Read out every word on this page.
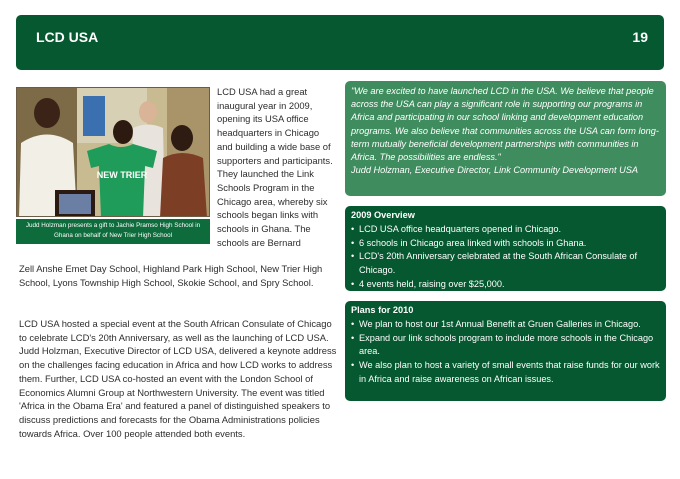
LCD USA	19
NEW TRIER
Judd Holzman presents a gift to Jachie Pramso High School in Ghana on behalf of New Trier High School

LCD USA had a great inaugural year in 2009, opening its USA office headquarters in Chicago and building a wide base of supporters and participants. They launched the Link Schools Program in the Chicago area, whereby six schools began links with schools in Ghana. The schools are Bernard

Zell Anshe Emet Day School, Highland Park High School, New Trier High School, Lyons Township High School, Skokie School, and Spry School.

LCD USA hosted a special event at the South African Consulate of Chicago to celebrate LCD's 20th Anniversary, as well as the launching of LCD USA. Judd Holzman, Executive Director of LCD USA, delivered a keynote address on the challenges facing education in Africa and how LCD works to address them. Further, LCD USA co-hosted an event with the London School of Economics Alumni Group at Northwestern University. The event was titled 'Africa in the Obama Era' and featured a panel of distinguished speakers to discuss predictions and forecasts for the Obama Administrations policies towards Africa. Over 100 people attended both events.

"We are excited to have launched LCD in the USA. We believe that people across the USA can play a significant role in supporting our programs in Africa and participating in our school linking and development education programs. We also believe that communities across the USA can form long-term mutually beneficial development partnerships with communities in Africa. The possibilities are endless."

Judd Holzman, Executive Director, Link Community Development USA

2009 Overview
• LCD USA office headquarters opened in Chicago.
• 6 schools in Chicago area linked with schools in Ghana.
• LCD's 20th Anniversary celebrated at the South African Consulate of Chicago.
• 4 events held, raising over $25,000.
Plans for 2010
• We plan to host our 1st Annual Benefit at Gruen Galleries in Chicago.
• Expand our link schools program to include more schools in the Chicago area.
• We also plan to host a variety of small events that raise funds for our work in Africa and raise awareness on African issues.
